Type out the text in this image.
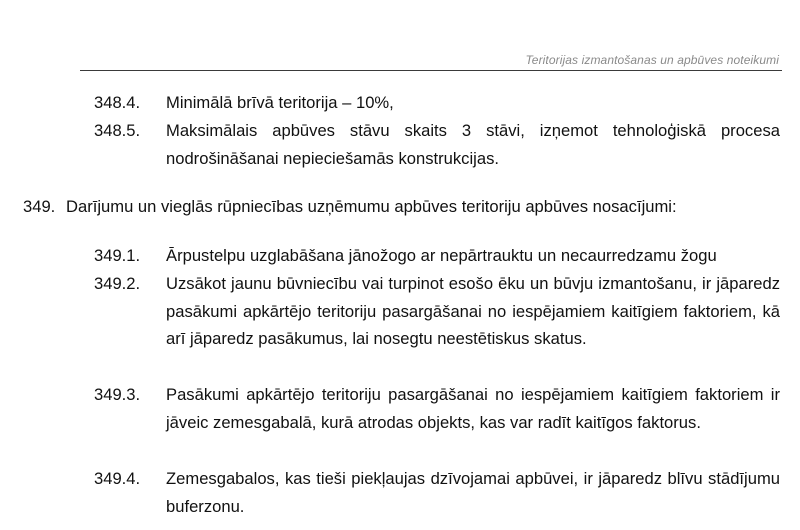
Teritorijas izmantošanas un apbūves noteikumi
348.4. Minimālā brīvā teritorija – 10%,
348.5. Maksimālais apbūves stāvu skaits 3 stāvi, izņemot tehnoloģiskā procesa nodrošināšanai nepieciešamās konstrukcijas.
349. Darījumu un vieglās rūpniecības uzņēmumu apbūves teritoriju apbūves nosacījumi:
349.1. Ārpustelpu uzglabāšana jānožogo ar nepārtrauktu un necaurredzamu žogu
349.2. Uzsākot jaunu būvniecību vai turpinot esošo ēku un būvju izmantošanu, ir jāparedz pasākumi apkārtējo teritoriju pasargāšanai no iespējamiem kaitīgiem faktoriem, kā arī jāparedz pasākumus, lai nosegtu neestētiskus skatus.
349.3. Pasākumi apkārtējo teritoriju pasargāšanai no iespējamiem kaitīgiem faktoriem ir jāveic zemesgabalā, kurā atrodas objekts, kas var radīt kaitīgos faktorus.
349.4. Zemesgabalos, kas tieši piekļaujas dzīvojamai apbūvei, ir jāparedz blīvu stādījumu buferzonu.
